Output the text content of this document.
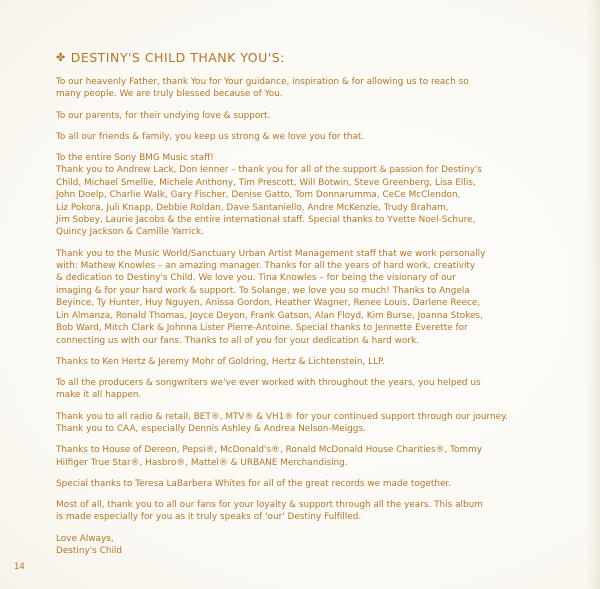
✤ DESTINY'S CHILD THANK YOU'S:
To our heavenly Father, thank You for Your guidance, inspiration & for allowing us to reach so
many people. We are truly blessed because of You.
To our parents, for their undying love & support.
To all our friends & family, you keep us strong & we love you for that.
To the entire Sony BMG Music staff!
Thank you to Andrew Lack, Don Ienner – thank you for all of the support & passion for Destiny's
Child, Michael Smellie, Michele Anthony, Tim Prescott, Will Botwin, Steve Greenberg, Lisa Ellis,
John Doelp, Charlie Walk, Gary Fischer, Denise Gatto, Tom Donnarumma, CeCe McClendon,
Liz Pokora, Juli Knapp, Debbie Roldan, Dave Santaniello, Andre McKenzie, Trudy Braham,
Jim Sobey, Laurie Jacobs & the entire international staff. Special thanks to Yvette Noel-Schure,
Quincy Jackson & Camille Yarrick.
Thank you to the Music World/Sanctuary Urban Artist Management staff that we work personally
with: Mathew Knowles – an amazing manager. Thanks for all the years of hard work, creativity
& dedication to Destiny's Child. We love you. Tina Knowles – for being the visionary of our
imaging & for your hard work & support. To Solange, we love you so much! Thanks to Angela
Beyince, Ty Hunter, Huy Nguyen, Anissa Gordon, Heather Wagner, Renee Louis, Darlene Reece,
Lin Almanza, Ronald Thomas, Joyce Deyon, Frank Gatson, Alan Floyd, Kim Burse, Joanna Stokes,
Bob Ward, Mitch Clark & Johnna Lister Pierre-Antoine. Special thanks to Jennette Everette for
connecting us with our fans. Thanks to all of you for your dedication & hard work.
Thanks to Ken Hertz & Jeremy Mohr of Goldring, Hertz & Lichtenstein, LLP.
To all the producers & songwriters we've ever worked with throughout the years, you helped us
make it all happen.
Thank you to all radio & retail, BET®, MTV® & VH1® for your continued support through our journey.
Thank you to CAA, especially Dennis Ashley & Andrea Nelson-Meiggs.
Thanks to House of Dereon, Pepsi®, McDonald's®, Ronald McDonald House Charities®, Tommy
Hilfiger True Star®, Hasbro®, Mattel® & URBANE Merchandising.
Special thanks to Teresa LaBarbera Whites for all of the great records we made together.
Most of all, thank you to all our fans for your loyalty & support through all the years. This album
is made especially for you as it truly speaks of 'our' Destiny Fulfilled.
Love Always,
Destiny's Child
14
